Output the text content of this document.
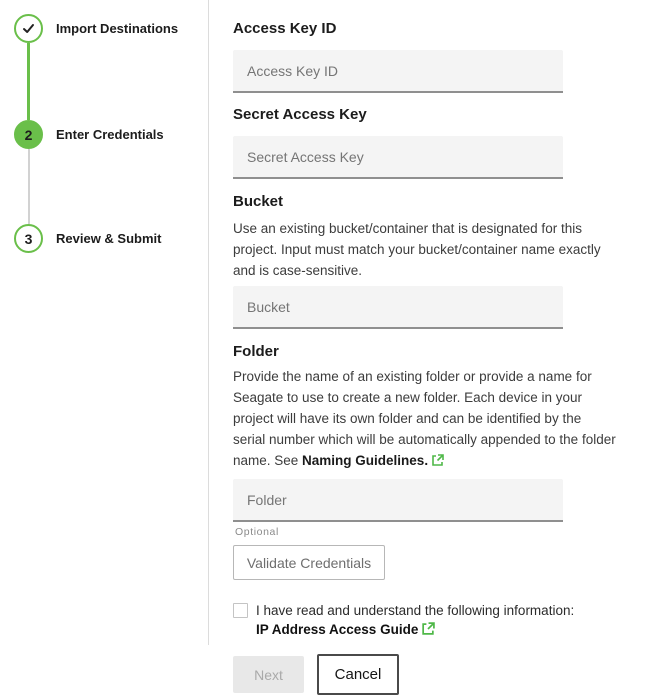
Import Destinations
2 Enter Credentials
3 Review & Submit
Access Key ID
Access Key ID
Secret Access Key
Secret Access Key
Bucket

Use an existing bucket/container that is designated for this project. Input must match your bucket/container name exactly and is case-sensitive.

Bucket
Folder

Provide the name of an existing folder or provide a name for Seagate to use to create a new folder. Each device in your project will have its own folder and can be identified by the serial number which will be automatically appended to the folder name. See Naming Guidelines.

Folder
Optional
Validate Credentials
I have read and understand the following information:
IP Address Access Guide
Next	Cancel
